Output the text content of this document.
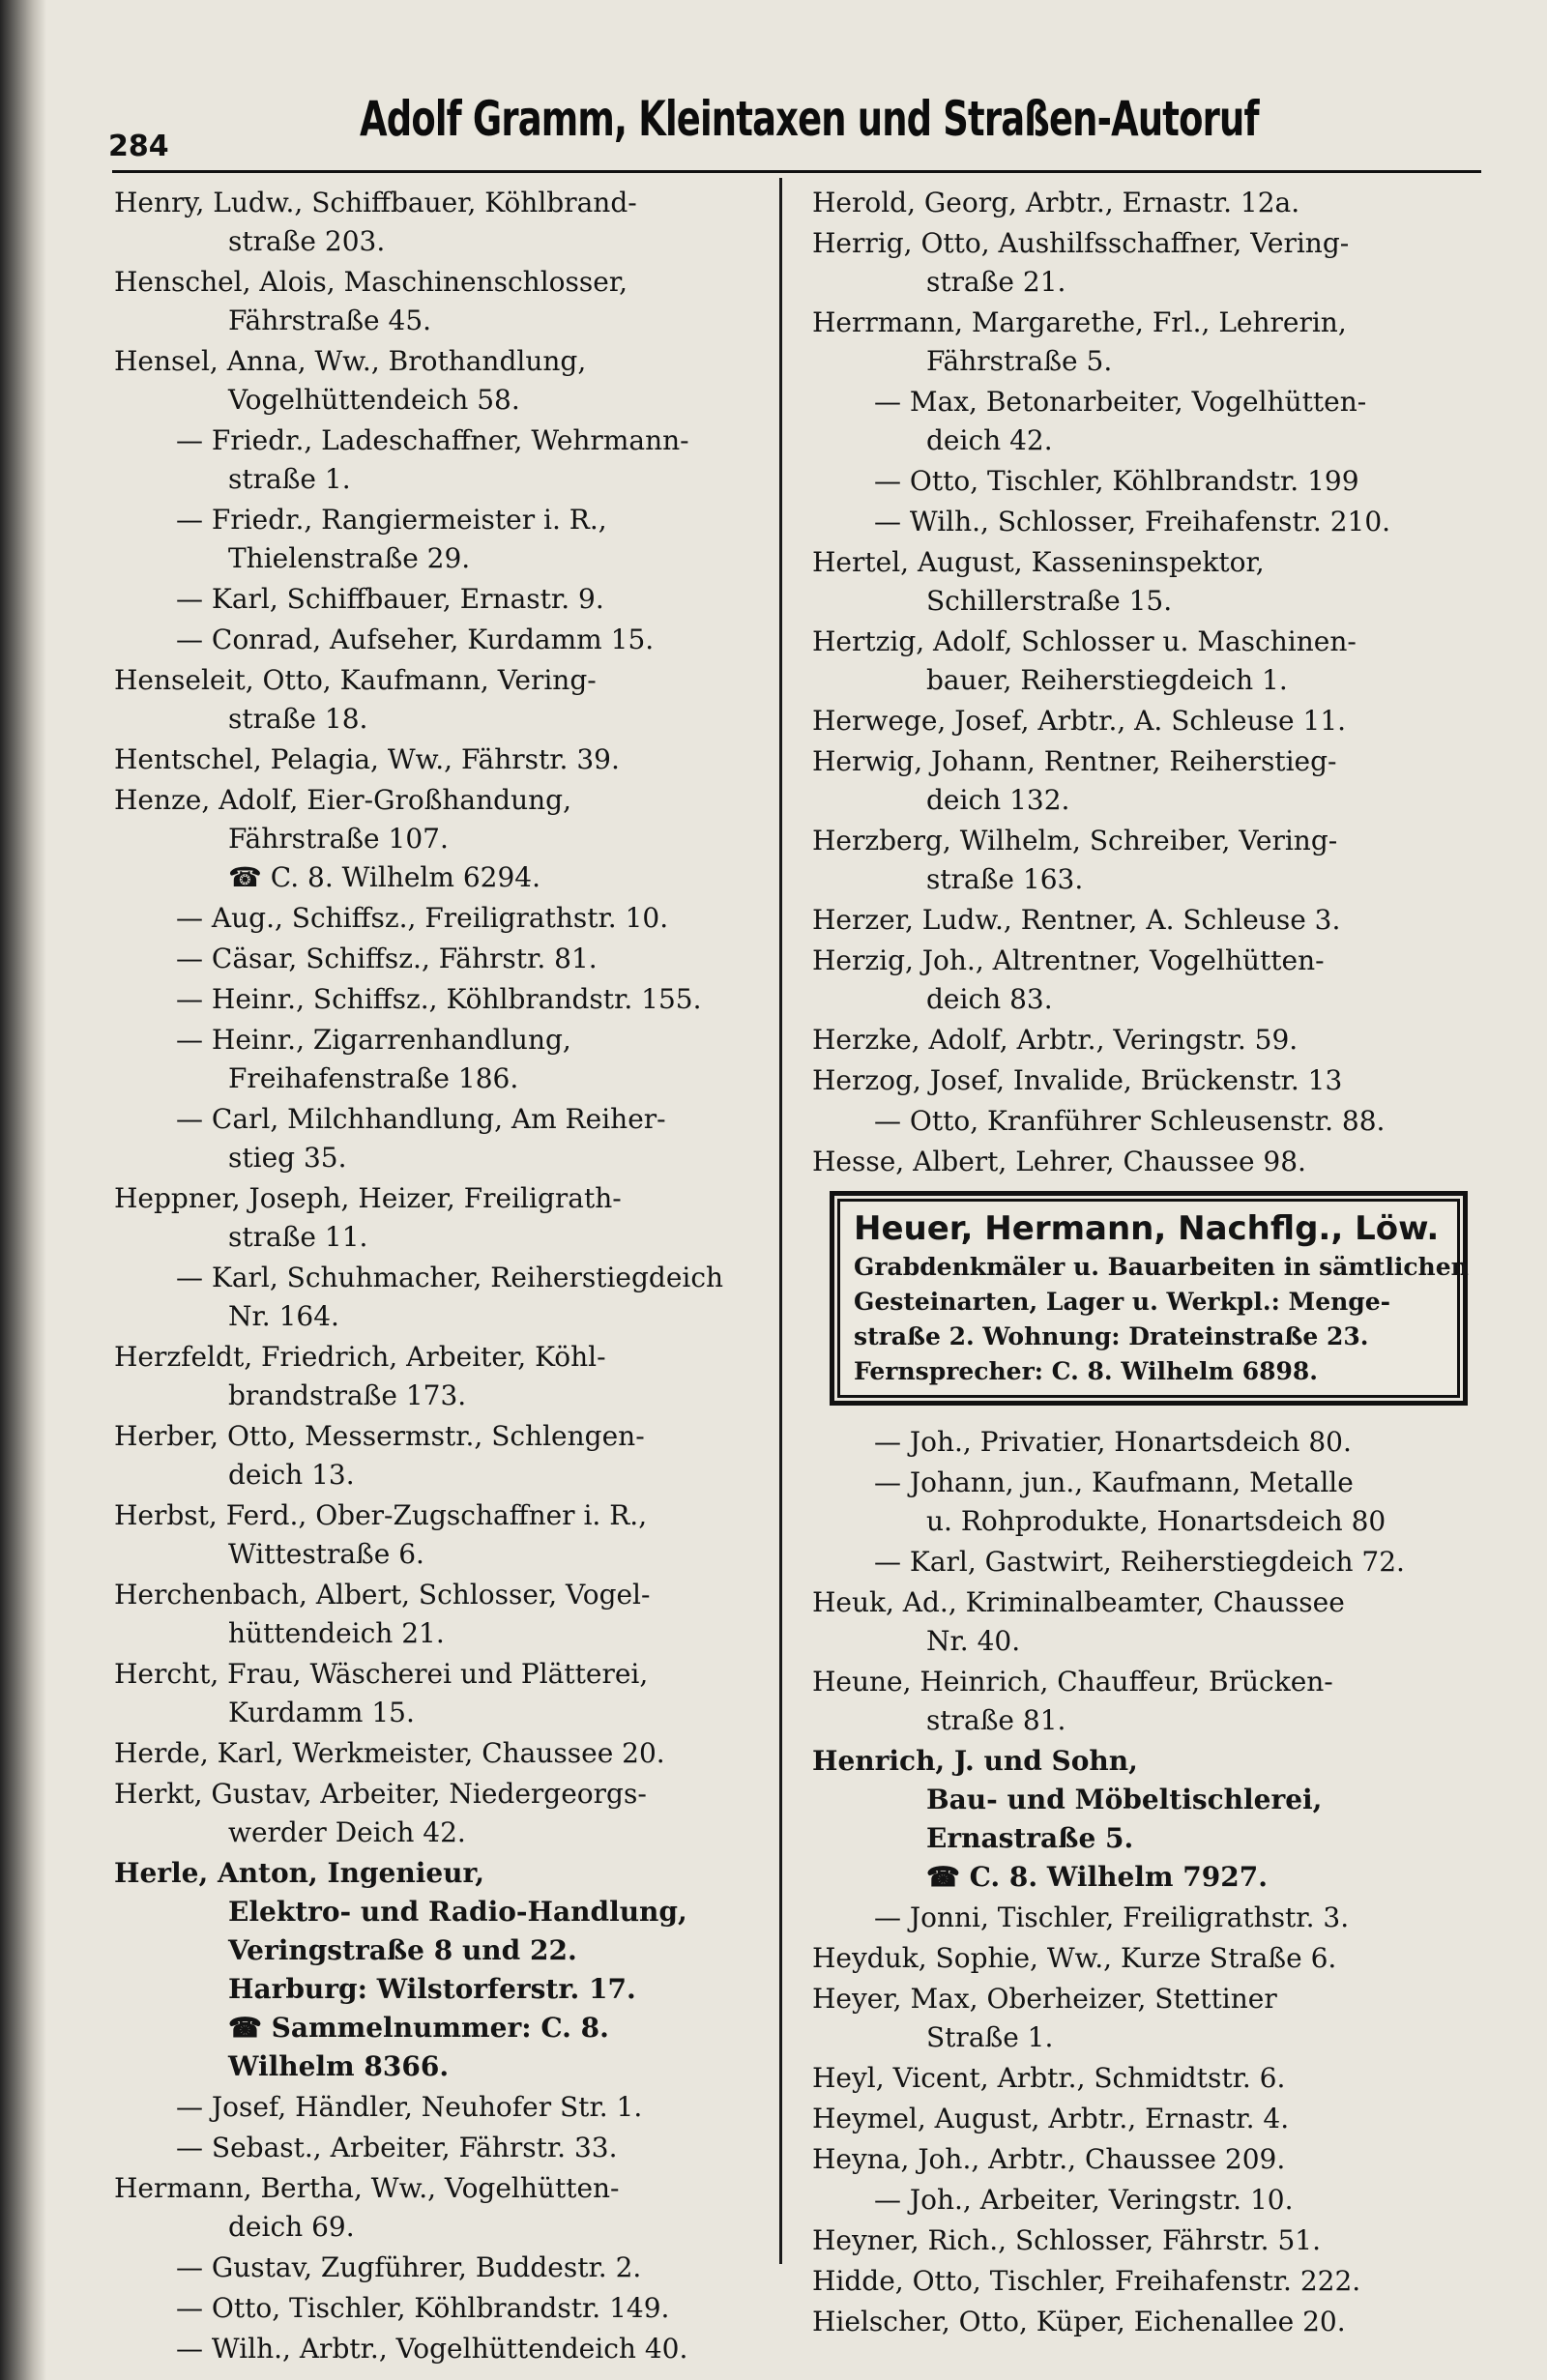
284	Adolf Gramm, Kleintaxen und Straßen-Autoruf
Henry, Ludw., Schiffbauer, Köhlbrand-
straße 203.
Henschel, Alois, Maschinenschlosser,
Fährstraße 45.
Hensel, Anna, Ww., Brothandlung,
Vogelhüttendeich 58.
— Friedr., Ladeschaffner, Wehrmann-
straße 1.
— Friedr., Rangiermeister i. R.,
Thielenstraße 29.
— Karl, Schiffbauer, Ernastr. 9.
— Conrad, Aufseher, Kurdamm 15.
Henseleit, Otto, Kaufmann, Vering-
straße 18.
Hentschel, Pelagia, Ww., Fährstr. 39.
Henze, Adolf, Eier-Großhandung,
Fährstraße 107.
☎ C. 8. Wilhelm 6294.
— Aug., Schiffsz., Freiligrathstr. 10.
— Cäsar, Schiffsz., Fährstr. 81.
— Heinr., Schiffsz., Köhlbrandstr. 155.
— Heinr., Zigarrenhandlung,
Freihafenstraße 186.
— Carl, Milchhandlung, Am Reiher-
stieg 35.
Heppner, Joseph, Heizer, Freiligrath-
straße 11.
— Karl, Schuhmacher, Reiherstiegdeich
Nr. 164.
Herzfeldt, Friedrich, Arbeiter, Köhl-
brandstraße 173.
Herber, Otto, Messermstr., Schlengen-
deich 13.
Herbst, Ferd., Ober-Zugschaffner i. R.,
Wittestraße 6.
Herchenbach, Albert, Schlosser, Vogel-
hüttendeich 21.
Hercht, Frau, Wäscherei und Plätterei,
Kurdamm 15.
Herde, Karl, Werkmeister, Chaussee 20.
Herkt, Gustav, Arbeiter, Niedergeorgs-
werder Deich 42.
Herle, Anton, Ingenieur,
Elektro- und Radio-Handlung,
Veringstraße 8 und 22.
Harburg: Wilstorferstr. 17.
☎ Sammelnummer: C. 8.
Wilhelm 8366.
— Josef, Händler, Neuhofer Str. 1.
— Sebast., Arbeiter, Fährstr. 33.
Hermann, Bertha, Ww., Vogelhütten-
deich 69.
— Gustav, Zugführer, Buddestr. 2.
— Otto, Tischler, Köhlbrandstr. 149.
— Wilh., Arbtr., Vogelhüttendeich 40.
Herold, Georg, Arbtr., Ernastr. 12a.
Herrig, Otto, Aushilfsschaffner, Vering-
straße 21.
Herrmann, Margarethe, Frl., Lehrerin,
Fährstraße 5.
— Max, Betonarbeiter, Vogelhütten-
deich 42.
— Otto, Tischler, Köhlbrandstr. 199
— Wilh., Schlosser, Freihafenstr. 210.
Hertel, August, Kasseninspektor,
Schillerstraße 15.
Hertzig, Adolf, Schlosser u. Maschinen-
bauer, Reiherstiegdeich 1.
Herwege, Josef, Arbtr., A. Schleuse 11.
Herwig, Johann, Rentner, Reiherstieg-
deich 132.
Herzberg, Wilhelm, Schreiber, Vering-
straße 163.
Herzer, Ludw., Rentner, A. Schleuse 3.
Herzig, Joh., Altrentner, Vogelhütten-
deich 83.
Herzke, Adolf, Arbtr., Veringstr. 59.
Herzog, Josef, Invalide, Brückenstr. 13
— Otto, Kranführer Schleusenstr. 88.
Hesse, Albert, Lehrer, Chaussee 98.
Heuer, Hermann, Nachflg., Löw.
Grabdenkmäler u. Bauarbeiten in sämtlichen
Gesteinarten, Lager u. Werkpl.: Menge-
straße 2. Wohnung: Drateinstraße 23.
Fernsprecher: C. 8. Wilhelm 6898.
— Joh., Privatier, Honartsdeich 80.
— Johann, jun., Kaufmann, Metalle
u. Rohprodukte, Honartsdeich 80
— Karl, Gastwirt, Reiherstiegdeich 72.
Heuk, Ad., Kriminalbeamter, Chaussee
Nr. 40.
Heune, Heinrich, Chauffeur, Brücken-
straße 81.
Henrich, J. und Sohn,
Bau- und Möbeltischlerei,
Ernastraße 5.
☎ C. 8. Wilhelm 7927.
— Jonni, Tischler, Freiligrathstr. 3.
Heyduk, Sophie, Ww., Kurze Straße 6.
Heyer, Max, Oberheizer, Stettiner
Straße 1.
Heyl, Vicent, Arbtr., Schmidtstr. 6.
Heymel, August, Arbtr., Ernastr. 4.
Heyna, Joh., Arbtr., Chaussee 209.
— Joh., Arbeiter, Veringstr. 10.
Heyner, Rich., Schlosser, Fährstr. 51.
Hidde, Otto, Tischler, Freihafenstr. 222.
Hielscher, Otto, Küper, Eichenallee 20.
